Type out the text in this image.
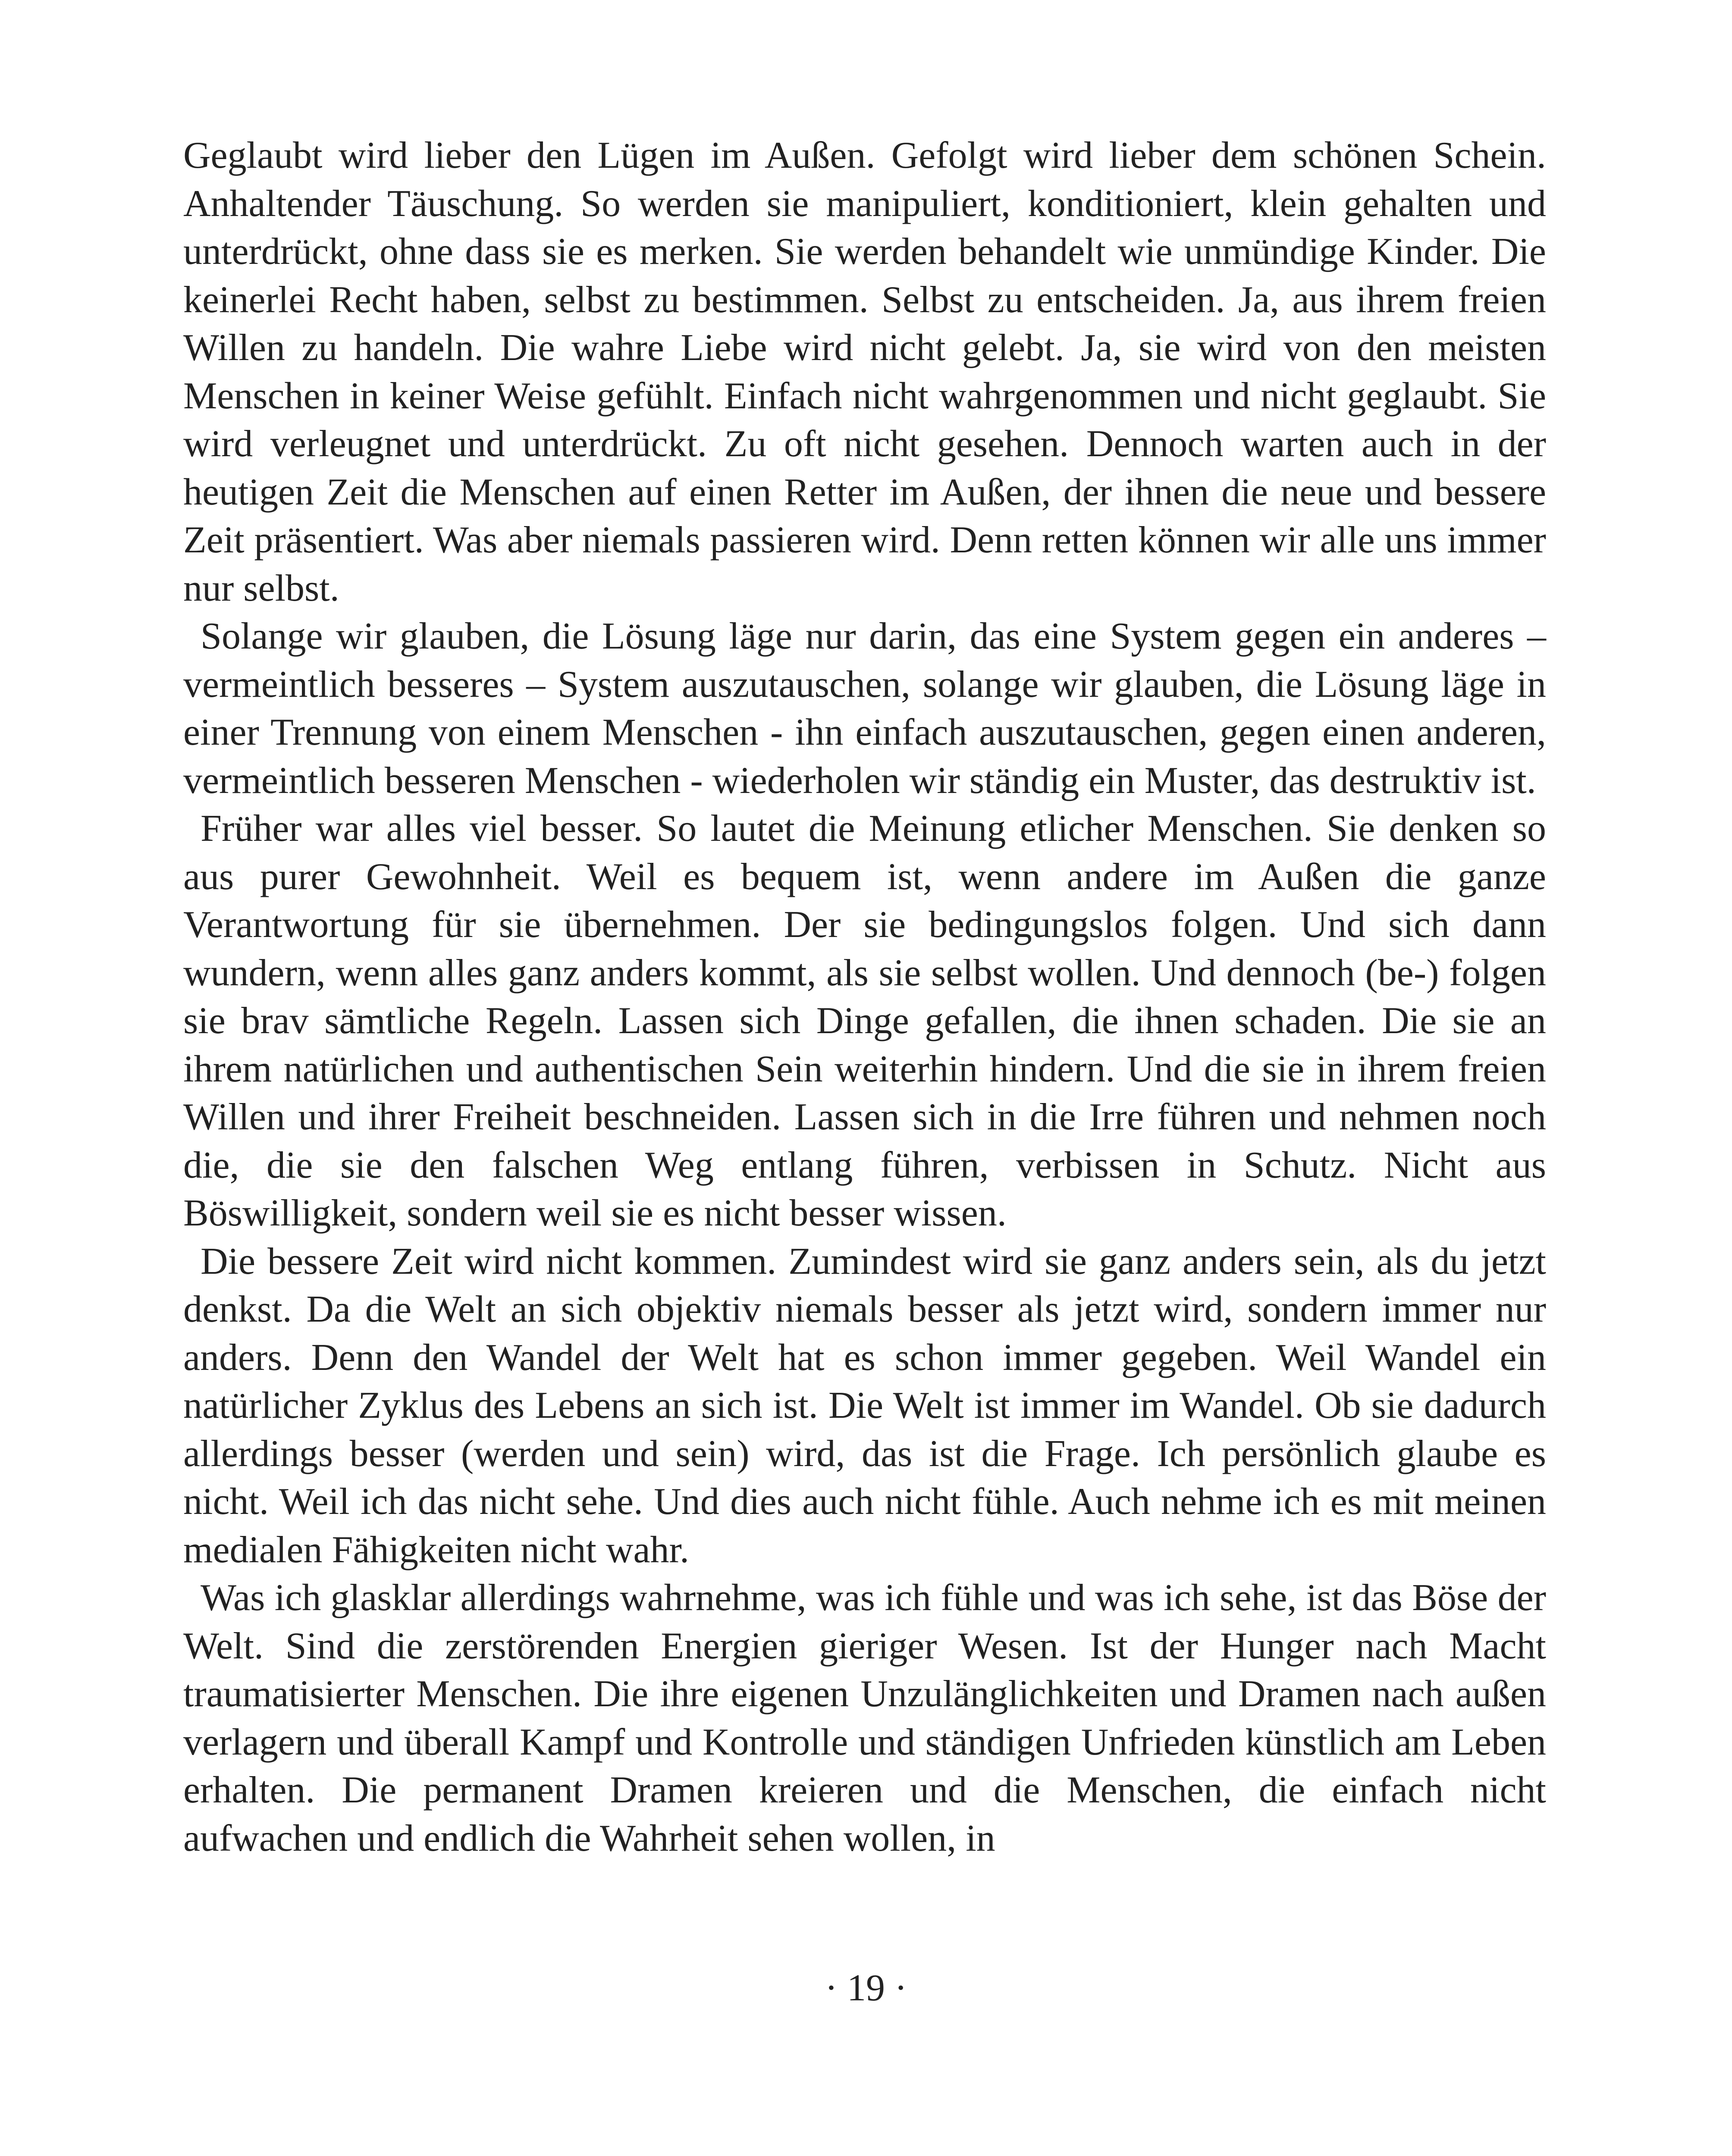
Geglaubt wird lieber den Lügen im Außen. Gefolgt wird lieber dem schönen Schein. Anhaltender Täuschung. So werden sie manipuliert, konditioniert, klein gehalten und unterdrückt, ohne dass sie es merken. Sie werden behandelt wie unmündige Kinder. Die keinerlei Recht haben, selbst zu bestimmen. Selbst zu entscheiden. Ja, aus ihrem freien Willen zu handeln. Die wahre Liebe wird nicht gelebt. Ja, sie wird von den meisten Menschen in keiner Weise gefühlt. Einfach nicht wahrgenommen und nicht geglaubt. Sie wird verleugnet und unterdrückt. Zu oft nicht gesehen. Dennoch warten auch in der heutigen Zeit die Menschen auf einen Retter im Außen, der ihnen die neue und bessere Zeit präsentiert. Was aber niemals passieren wird. Denn retten können wir alle uns immer nur selbst.

Solange wir glauben, die Lösung läge nur darin, das eine System gegen ein anderes – vermeintlich besseres – System auszutauschen, solange wir glauben, die Lösung läge in einer Trennung von einem Menschen - ihn einfach auszutauschen, gegen einen anderen, vermeintlich besseren Menschen - wiederholen wir ständig ein Muster, das destruktiv ist.

Früher war alles viel besser. So lautet die Meinung etlicher Menschen. Sie denken so aus purer Gewohnheit. Weil es bequem ist, wenn andere im Außen die ganze Verantwortung für sie übernehmen. Der sie bedingungslos folgen. Und sich dann wundern, wenn alles ganz anders kommt, als sie selbst wollen. Und dennoch (be-) folgen sie brav sämtliche Regeln. Lassen sich Dinge gefallen, die ihnen schaden. Die sie an ihrem natürlichen und authentischen Sein weiterhin hindern. Und die sie in ihrem freien Willen und ihrer Freiheit beschneiden. Lassen sich in die Irre führen und nehmen noch die, die sie den falschen Weg entlang führen, verbissen in Schutz. Nicht aus Böswilligkeit, sondern weil sie es nicht besser wissen.

Die bessere Zeit wird nicht kommen. Zumindest wird sie ganz anders sein, als du jetzt denkst. Da die Welt an sich objektiv niemals besser als jetzt wird, sondern immer nur anders. Denn den Wandel der Welt hat es schon immer gegeben. Weil Wandel ein natürlicher Zyklus des Lebens an sich ist. Die Welt ist immer im Wandel. Ob sie dadurch allerdings besser (werden und sein) wird, das ist die Frage. Ich persönlich glaube es nicht. Weil ich das nicht sehe. Und dies auch nicht fühle. Auch nehme ich es mit meinen medialen Fähigkeiten nicht wahr.

Was ich glasklar allerdings wahrnehme, was ich fühle und was ich sehe, ist das Böse der Welt. Sind die zerstörenden Energien gieriger Wesen. Ist der Hunger nach Macht traumatisierter Menschen. Die ihre eigenen Unzulänglichkeiten und Dramen nach außen verlagern und überall Kampf und Kontrolle und ständigen Unfrieden künstlich am Leben erhalten. Die permanent Dramen kreieren und die Menschen, die einfach nicht aufwachen und endlich die Wahrheit sehen wollen, in

· 19 ·
